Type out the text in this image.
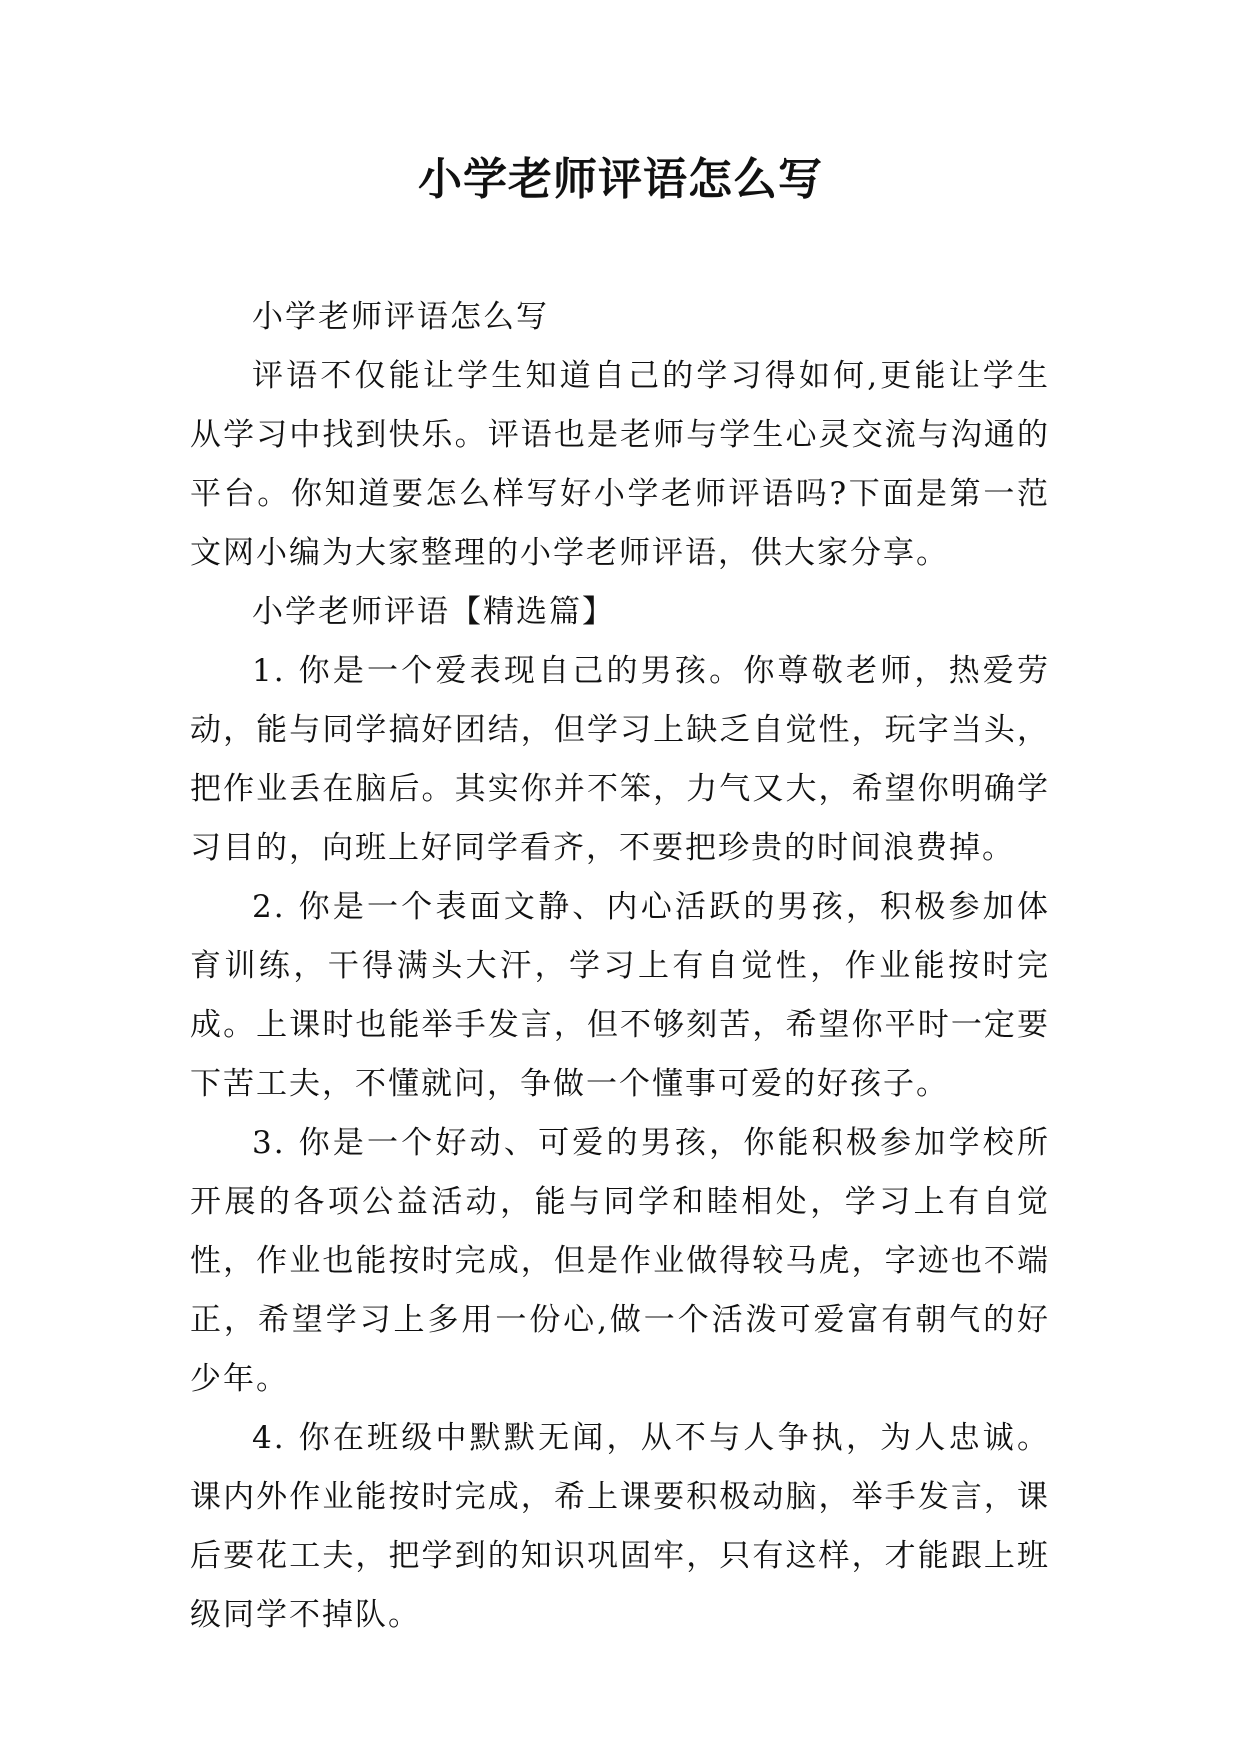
小学老师评语怎么写

小学老师评语怎么写

评语不仅能让学生知道自己的学习得如何,更能让学生从学习中找到快乐。评语也是老师与学生心灵交流与沟通的平台。你知道要怎么样写好小学老师评语吗?下面是第一范文网小编为大家整理的小学老师评语，供大家分享。

小学老师评语【精选篇】

1. 你是一个爱表现自己的男孩。你尊敬老师，热爱劳动，能与同学搞好团结，但学习上缺乏自觉性，玩字当头，把作业丢在脑后。其实你并不笨，力气又大，希望你明确学习目的，向班上好同学看齐，不要把珍贵的时间浪费掉。

2. 你是一个表面文静、内心活跃的男孩，积极参加体育训练，干得满头大汗，学习上有自觉性，作业能按时完成。上课时也能举手发言，但不够刻苦，希望你平时一定要下苦工夫，不懂就问，争做一个懂事可爱的好孩子。

3. 你是一个好动、可爱的男孩，你能积极参加学校所开展的各项公益活动，能与同学和睦相处，学习上有自觉性，作业也能按时完成，但是作业做得较马虎，字迹也不端正，希望学习上多用一份心,做一个活泼可爱富有朝气的好少年。

4. 你在班级中默默无闻，从不与人争执，为人忠诚。课内外作业能按时完成，希上课要积极动脑，举手发言，课后要花工夫，把学到的知识巩固牢，只有这样，才能跟上班级同学不掉队。
